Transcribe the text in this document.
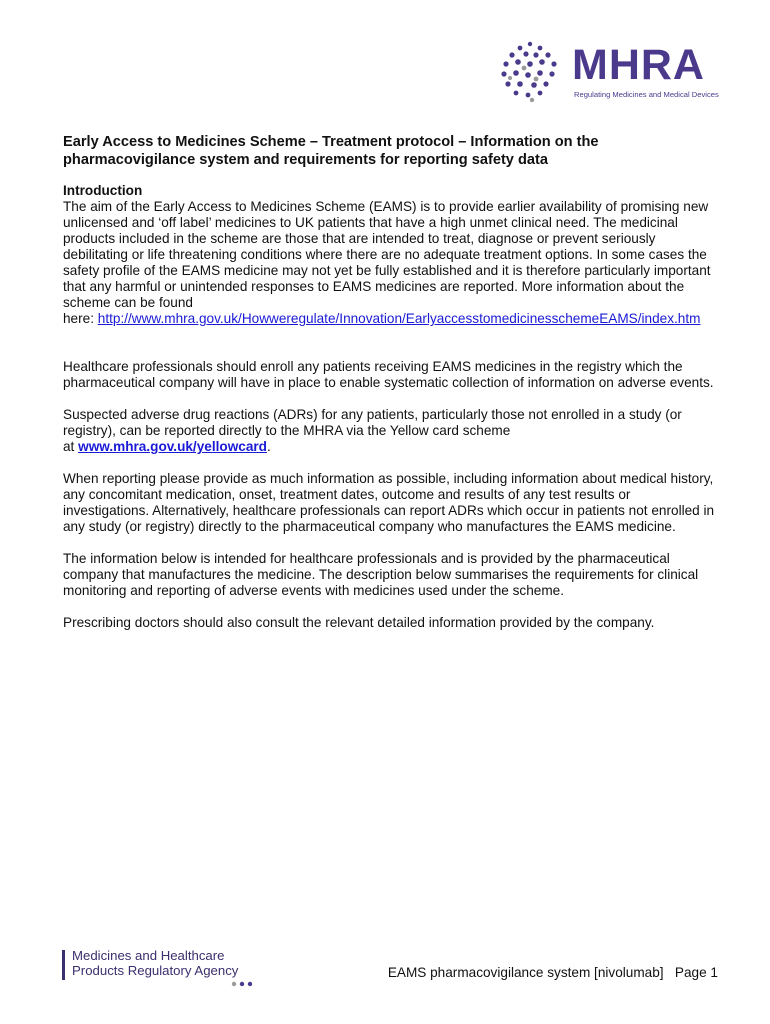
MHRA
Regulating Medicines and Medical Devices
Early Access to Medicines Scheme – Treatment protocol – Information on the pharmacovigilance system and requirements for reporting safety data
Introduction

The aim of the Early Access to Medicines Scheme (EAMS) is to provide earlier availability of promising new unlicensed and ‘off label’ medicines to UK patients that have a high unmet clinical need. The medicinal products included in the scheme are those that are intended to treat, diagnose or prevent seriously debilitating or life threatening conditions where there are no adequate treatment options. In some cases the safety profile of the EAMS medicine may not yet be fully established and it is therefore particularly important that any harmful or unintended responses to EAMS medicines are reported. More information about the scheme can be found
here: http://www.mhra.gov.uk/Howweregulate/Innovation/EarlyaccesstomedicinesschemeEAMS/index.htm

Healthcare professionals should enroll any patients receiving EAMS medicines in the registry which the pharmaceutical company will have in place to enable systematic collection of information on adverse events.

Suspected adverse drug reactions (ADRs) for any patients, particularly those not enrolled in a study (or registry), can be reported directly to the MHRA via the Yellow card scheme
at www.mhra.gov.uk/yellowcard.

When reporting please provide as much information as possible, including information about medical history, any concomitant medication, onset, treatment dates, outcome and results of any test results or investigations. Alternatively, healthcare professionals can report ADRs which occur in patients not enrolled in any study (or registry) directly to the pharmaceutical company who manufactures the EAMS medicine.

The information below is intended for healthcare professionals and is provided by the pharmaceutical company that manufactures the medicine. The description below summarises the requirements for clinical monitoring and reporting of adverse events with medicines used under the scheme.

Prescribing doctors should also consult the relevant detailed information provided by the company.

Medicines and Healthcare
Products Regulatory Agency	EAMS pharmacovigilance system [nivolumab]   Page 1
